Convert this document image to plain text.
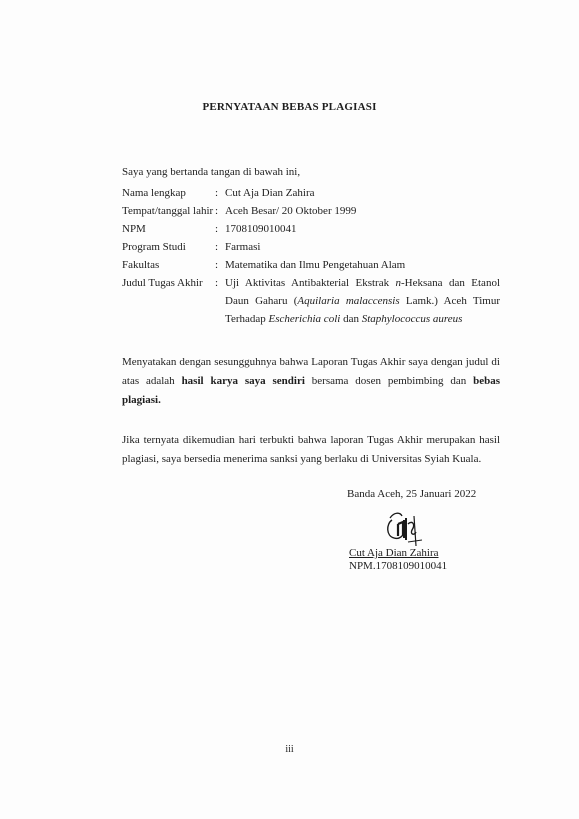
PERNYATAAN BEBAS PLAGIASI
Saya yang bertanda tangan di bawah ini,
Nama lengkap	: Cut Aja Dian Zahira
Tempat/tanggal lahir : Aceh Besar/ 20 Oktober 1999
NPM	: 1708109010041
Program Studi	: Farmasi
Fakultas	: Matematika dan Ilmu Pengetahuan Alam
Judul Tugas Akhir	: Uji Aktivitas Antibakterial Ekstrak n-Heksana dan Etanol Daun Gaharu (Aquilaria malaccensis Lamk.) Aceh Timur Terhadap Escherichia coli dan Staphylococcus aureus
Menyatakan dengan sesungguhnya bahwa Laporan Tugas Akhir saya dengan judul di atas adalah hasil karya saya sendiri bersama dosen pembimbing dan bebas plagiasi.
Jika ternyata dikemudian hari terbukti bahwa laporan Tugas Akhir merupakan hasil plagiasi, saya bersedia menerima sanksi yang berlaku di Universitas Syiah Kuala.
Banda Aceh, 25 Januari 2022
Cut Aja Dian Zahira
NPM.1708109010041
iii
